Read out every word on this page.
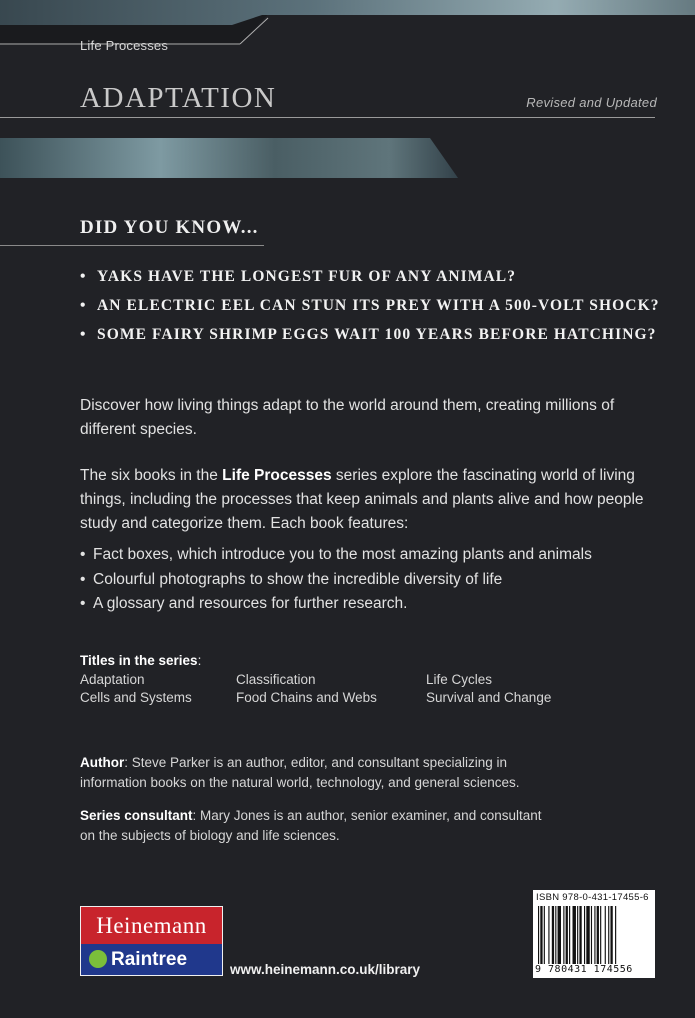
Life Processes
ADAPTATION	Revised and Updated
DID YOU KNOW...
• YAKS HAVE THE LONGEST FUR OF ANY ANIMAL?
• AN ELECTRIC EEL CAN STUN ITS PREY WITH A 500-VOLT SHOCK?
• SOME FAIRY SHRIMP EGGS WAIT 100 YEARS BEFORE HATCHING?

Discover how living things adapt to the world around them, creating millions of different species.

The six books in the Life Processes series explore the fascinating world of living things, including the processes that keep animals and plants alive and how people study and categorize them. Each book features:

• Fact boxes, which introduce you to the most amazing plants and animals
• Colourful photographs to show the incredible diversity of life
• A glossary and resources for further research.
Titles in the series:
Adaptation
Cells and Systems
Classification
Food Chains and Webs
Life Cycles
Survival and Change

Author: Steve Parker is an author, editor, and consultant specializing in information books on the natural world, technology, and general sciences.

Series consultant: Mary Jones is an author, senior examiner, and consultant on the subjects of biology and life sciences.

Heinemann
Raintree	www.heinemann.co.uk/library
ISBN 978-0-431-17455-6
9 780431 174556
